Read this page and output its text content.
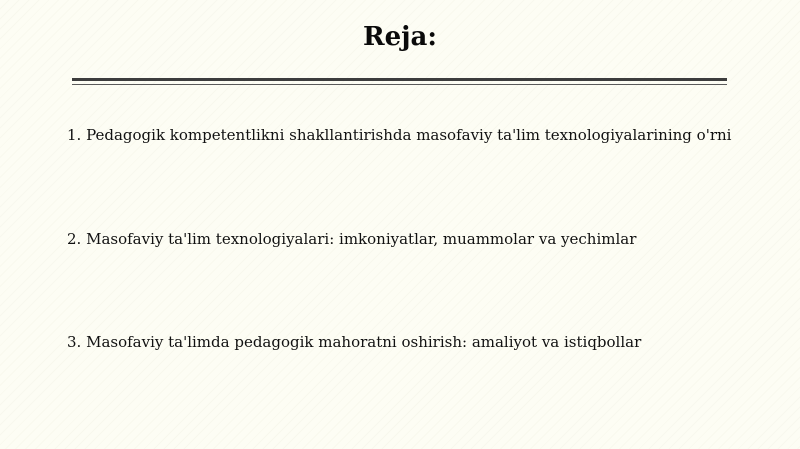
Reja:

1. Pedagogik kompetentlikni shakllantirishda masofaviy ta'lim texnologiyalarining o'rni

2. Masofaviy ta'lim texnologiyalari: imkoniyatlar, muammolar va yechimlar

3. Masofaviy ta'limda pedagogik mahoratni oshirish: amaliyot va istiqbollar
